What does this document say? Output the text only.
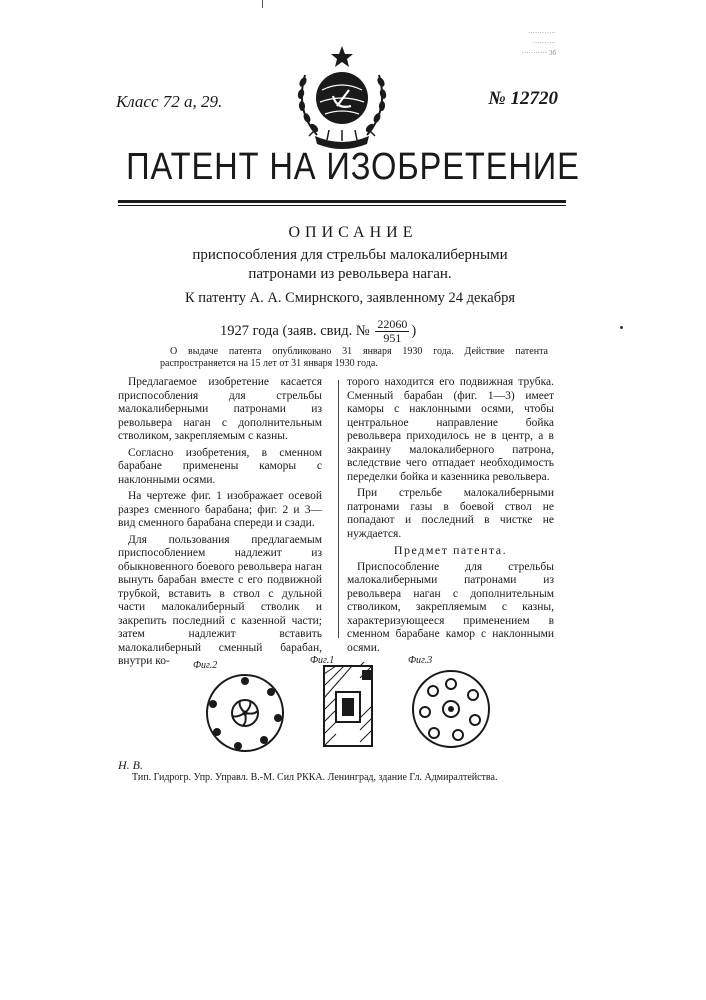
············
··········
··········· 3б
Класс 72 а, 29.	№ 12720
ПАТЕНТ НА ИЗОБРЕТЕНИЕ
ОПИСАНИЕ
приспособления для стрельбы малокалиберными патронами из револьвера наган.
К патенту А. А. Смирнского, заявленному 24 декабря
1927 года (заяв. свид. № $\frac{22060}{951}$ )
О выдаче патента опубликовано 31 января 1930 года. Действие патента распространяется на 15 лет от 31 января 1930 года.

Предлагаемое изобретение касается приспособления для стрельбы малокалиберными патронами из револьвера наган с дополнительным стволиком, закрепляемым с казны.

Согласно изобретения, в сменном барабане применены каморы с наклонными осями.

На чертеже фиг. 1 изображает осевой разрез сменного барабана; фиг. 2 и 3—вид сменного барабана спереди и сзади.

Для пользования предлагаемым приспособлением надлежит из обыкновенного боевого револьвера наган вынуть барабан вместе с его подвижной трубкой, вставить в ствол с дульной части малокалиберный стволик и закрепить последний с казенной части; затем надлежит вставить малокалиберный сменный барабан, внутри ко-

торого находится его подвижная трубка. Сменный барабан (фиг. 1—3) имеет каморы с наклонными осями, чтобы центральное направление бойка револьвера приходилось не в центр, а в закраину малокалиберного патрона, вследствие чего отпадает необходимость переделки бойка и казенника револьвера.

При стрельбе малокалиберными патронами газы в боевой ствол не попадают и последний в чистке не нуждается.

Предмет патента.

Приспособление для стрельбы малокалиберными патронами из револьвера наган с дополнительным стволиком, закрепляемым с казны, характеризующееся применением в сменном барабане камор с наклонными осями.

Фиг.2	Фиг.1	Фиг.3
Н. В.
Тип. Гидрогр. Упр. Управл. В.-М. Сил РККА. Ленинград, здание Гл. Адмиралтейства.
